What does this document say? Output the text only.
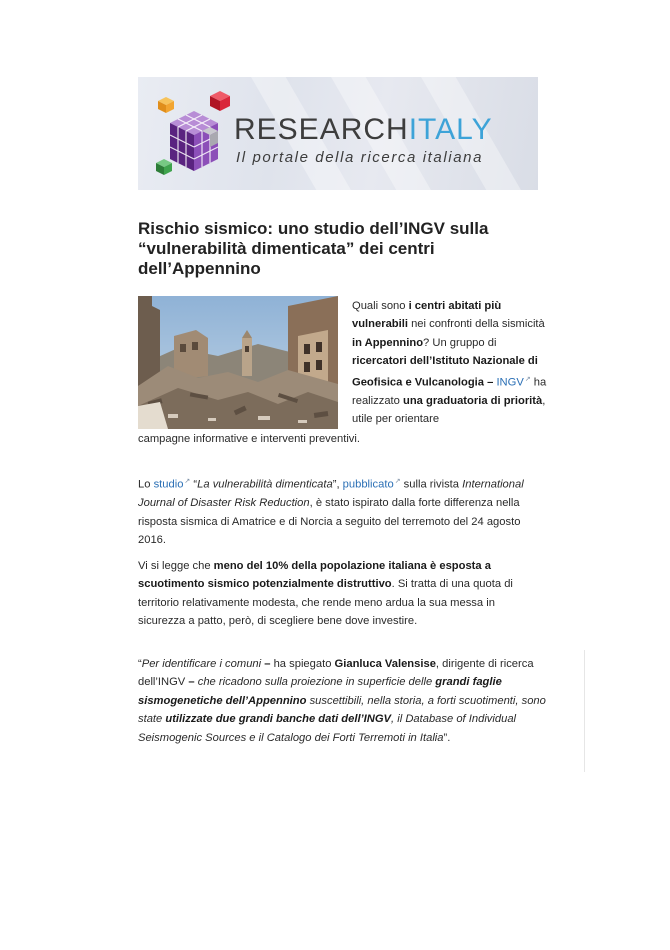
RESEARCHITALY
Il portale della ricerca italiana
Rischio sismico: uno studio dell’INGV sulla “vulnerabilità dimenticata” dei centri dell’Appennino

Quali sono i centri abitati più vulnerabili nei confronti della sismicità in Appennino? Un gruppo di ricercatori dell’Istituto Nazionale di Geofisica e Vulcanologia – INGV↗ ha realizzato una graduatoria di priorità, utile per orientare

campagne informative e interventi preventivi.

Lo studio↗ “La vulnerabilità dimenticata”, pubblicato↗ sulla rivista International Journal of Disaster Risk Reduction, è stato ispirato dalla forte differenza nella risposta sismica di Amatrice e di Norcia a seguito del terremoto del 24 agosto 2016.

Vi si legge che meno del 10% della popolazione italiana è esposta a scuotimento sismico potenzialmente distruttivo. Si tratta di una quota di territorio relativamente modesta, che rende meno ardua la sua messa in sicurezza a patto, però, di scegliere bene dove investire.

“Per identificare i comuni – ha spiegato Gianluca Valensise, dirigente di ricerca dell’INGV – che ricadono sulla proiezione in superficie delle grandi faglie sismogenetiche dell’Appennino suscettibili, nella storia, a forti scuotimenti, sono state utilizzate due grandi banche dati dell’INGV, il Database of Individual Seismogenic Sources e il Catalogo dei Forti Terremoti in Italia”.
